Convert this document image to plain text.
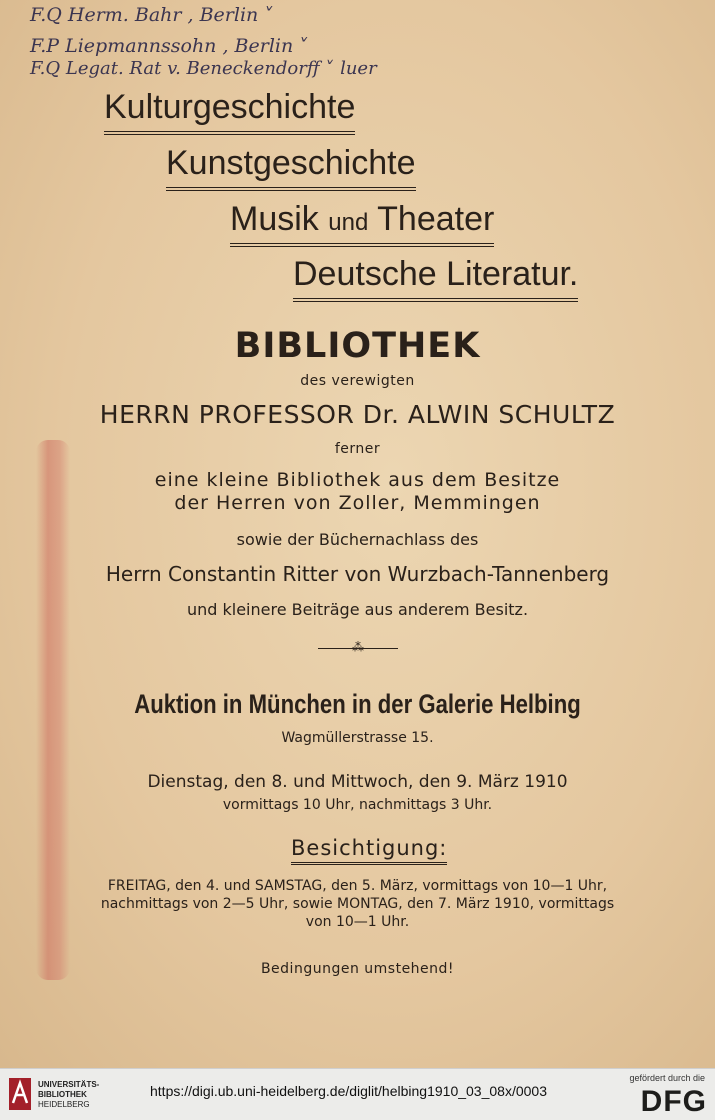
F.Q Herm. Bahr , Berlin ˅
F.P Liepmannssohn , Berlin ˅
F.Q Legat. Rat v. Beneckendorff ˅ luer
Kulturgeschichte
Kunstgeschichte
Musik und Theater
Deutsche Literatur.
BIBLIOTHEK
des verewigten
HERRN PROFESSOR Dr. ALWIN SCHULTZ
ferner
eine kleine Bibliothek aus dem Besitze
der Herren von Zoller, Memmingen
sowie der Büchernachlass des
Herrn Constantin Ritter von Wurzbach-Tannenberg
und kleinere Beiträge aus anderem Besitz.
⁂
Auktion in München in der Galerie Helbing
Wagmüllerstrasse 15.
Dienstag, den 8. und Mittwoch, den 9. März 1910
vormittags 10 Uhr, nachmittags 3 Uhr.
Besichtigung:
FREITAG, den 4. und SAMSTAG, den 5. März, vormittags von 10—1 Uhr,
nachmittags von 2—5 Uhr, sowie MONTAG, den 7. März 1910, vormittags
von 10—1 Uhr.
Bedingungen umstehend!
UNIVERSITÄTS-
BIBLIOTHEK
HEIDELBERG
https://digi.ub.uni-heidelberg.de/diglit/helbing1910_03_08x/0003
gefördert durch die
DFG
